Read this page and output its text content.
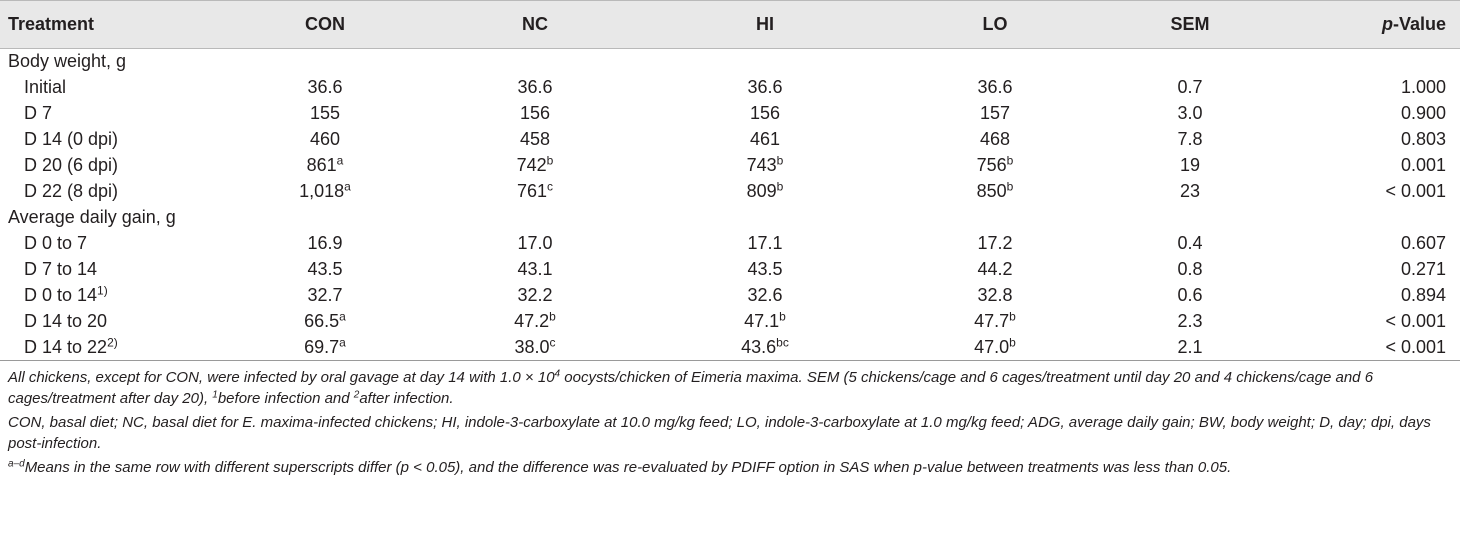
Treatment	CON	NC	HI	LO	SEM	p-Value
Body weight, g						
Initial	36.6	36.6	36.6	36.6	0.7	1.000
D 7	155	156	156	157	3.0	0.900
D 14 (0 dpi)	460	458	461	468	7.8	0.803
D 20 (6 dpi)	861$^a$	742$^b$	743$^b$	756$^b$	19	0.001
D 22 (8 dpi)	1,018$^a$	761$^c$	809$^b$	850$^b$	23	< 0.001
Average daily gain, g						
D 0 to 7	16.9	17.0	17.1	17.2	0.4	0.607
D 7 to 14	43.5	43.1	43.5	44.2	0.8	0.271
D 0 to 14$^{1)}$	32.7	32.2	32.6	32.8	0.6	0.894
D 14 to 20	66.5$^a$	47.2$^b$	47.1$^b$	47.7$^b$	2.3	< 0.001
D 14 to 22$^{2)}$	69.7$^a$	38.0$^c$	43.6$^{bc}$	47.0$^b$	2.1	< 0.001

All chickens, except for CON, were infected by oral gavage at day 14 with $1.0 \times 10^4$ oocysts/chicken of Eimeria maxima. SEM (5 chickens/cage and 6 cages/treatment until day 20 and 4 chickens/cage and 6 cages/treatment after day 20), $^1$before infection and $^2$after infection.

CON, basal diet; NC, basal diet for E. maxima-infected chickens; HI, indole-3-carboxylate at 10.0 mg/kg feed; LO, indole-3-carboxylate at 1.0 mg/kg feed; ADG, average daily gain; BW, body weight; D, day; dpi, days post-infection.

$^{a-d}$Means in the same row with different superscripts differ (p < 0.05), and the difference was re-evaluated by PDIFF option in SAS when p-value between treatments was less than 0.05.
